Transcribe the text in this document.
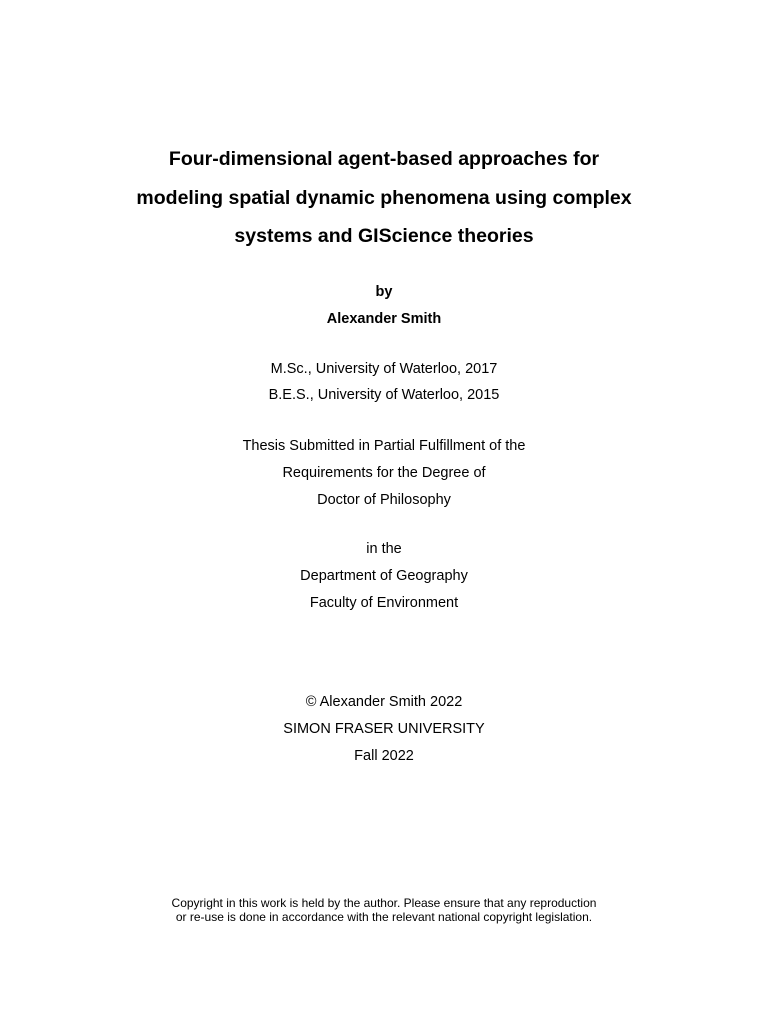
Four-dimensional agent-based approaches for
modeling spatial dynamic phenomena using complex
systems and GIScience theories
by
Alexander Smith
M.Sc., University of Waterloo, 2017
B.E.S., University of Waterloo, 2015
Thesis Submitted in Partial Fulfillment of the
Requirements for the Degree of
Doctor of Philosophy
in the
Department of Geography
Faculty of Environment
© Alexander Smith 2022
SIMON FRASER UNIVERSITY
Fall 2022
Copyright in this work is held by the author. Please ensure that any reproduction
or re-use is done in accordance with the relevant national copyright legislation.
